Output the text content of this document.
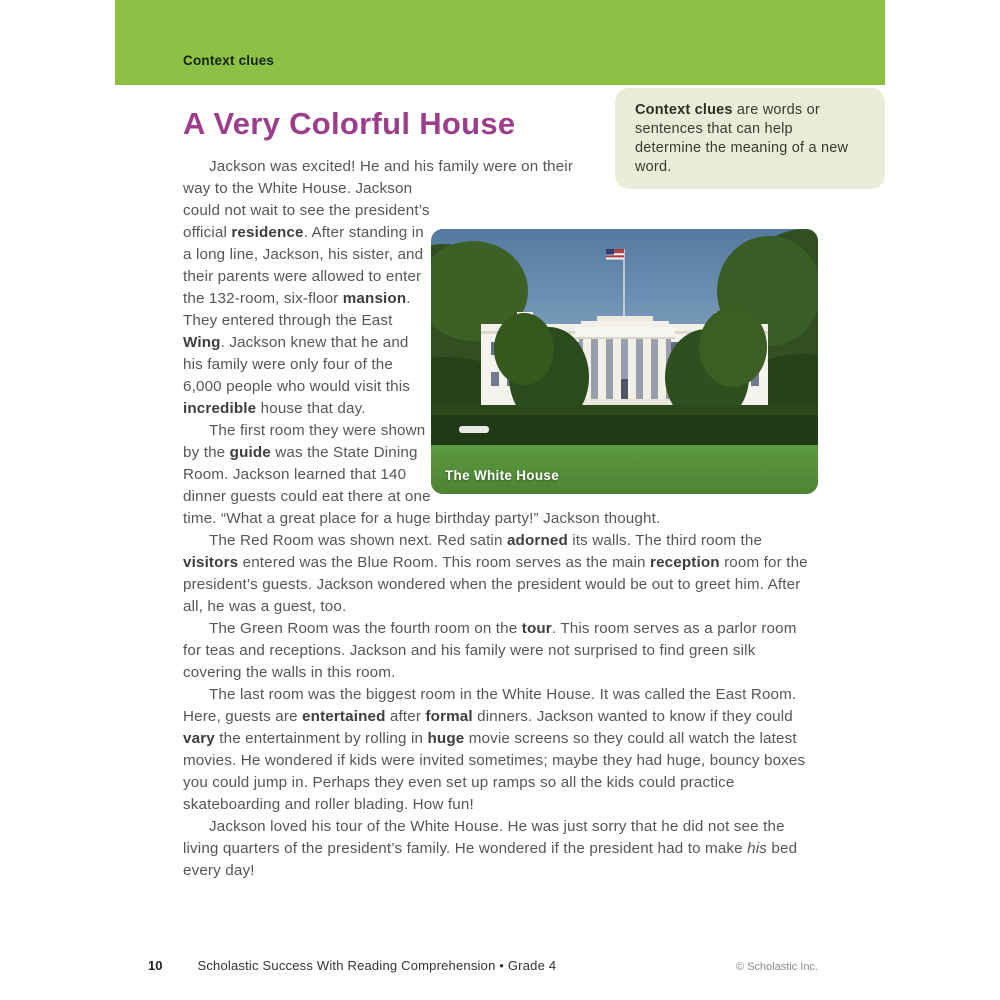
Context clues
Context clues are words or sentences that can help determine the meaning of a new word.
A Very Colorful House
The White House

Jackson was excited! He and his family were on their way to the White House. Jackson could not wait to see the president’s official residence. After standing in a long line, Jackson, his sister, and their parents were allowed to enter the 132-room, six-floor mansion. They entered through the East Wing. Jackson knew that he and his family were only four of the 6,000 people who would visit this incredible house that day.

The first room they were shown by the guide was the State Dining Room. Jackson learned that 140 dinner guests could eat there at one time. “What a great place for a huge birthday party!” Jackson thought.

The Red Room was shown next. Red satin adorned its walls. The third room the visitors entered was the Blue Room. This room serves as the main reception room for the president’s guests. Jackson wondered when the president would be out to greet him. After all, he was a guest, too.

The Green Room was the fourth room on the tour. This room serves as a parlor room for teas and receptions. Jackson and his family were not surprised to find green silk covering the walls in this room.

The last room was the biggest room in the White House. It was called the East Room. Here, guests are entertained after formal dinners. Jackson wanted to know if they could vary the entertainment by rolling in huge movie screens so they could all watch the latest movies. He wondered if kids were invited sometimes; maybe they had huge, bouncy boxes you could jump in. Perhaps they even set up ramps so all the kids could practice skateboarding and roller blading. How fun!

Jackson loved his tour of the White House. He was just sorry that he did not see the living quarters of the president’s family. He wondered if the president had to make his bed every day!

10	Scholastic Success With Reading Comprehension • Grade 4	© Scholastic Inc.
